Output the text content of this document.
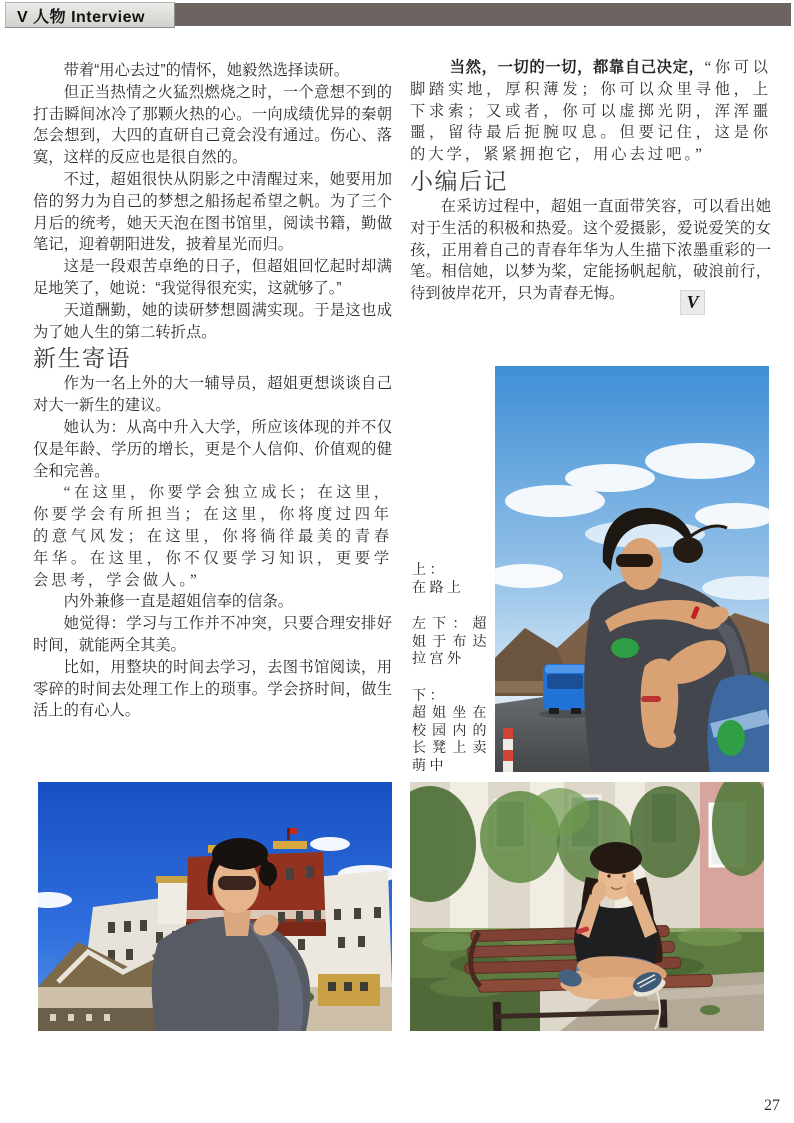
V 人物 Interview

带着“用心去过”的情怀，她毅然选择读研。

但正当热情之火猛烈燃烧之时，一个意想不到的打击瞬间冰冷了那颗火热的心。一向成绩优异的秦朝怎会想到，大四的直研自己竟会没有通过。伤心、落寞，这样的反应也是很自然的。

不过，超姐很快从阴影之中清醒过来，她要用加倍的努力为自己的梦想之船扬起希望之帆。为了三个月后的统考，她天天泡在图书馆里，阅读书籍，勤做笔记，迎着朝阳进发，披着星光而归。

这是一段艰苦卓绝的日子，但超姐回忆起时却满足地笑了，她说：“我觉得很充实，这就够了。”

天道酬勤，她的读研梦想圆满实现。于是这也成为了她人生的第二转折点。

新生寄语

作为一名上外的大一辅导员，超姐更想谈谈自己对大一新生的建议。

她认为：从高中升入大学，所应该体现的并不仅仅是年龄、学历的增长，更是个人信仰、价值观的健全和完善。

“在这里，你要学会独立成长；在这里，你要学会有所担当；在这里，你将度过四年的意气风发；在这里，你将徜徉最美的青春年华。在这里，你不仅要学习知识，更要学会思考，学会做人。”

内外兼修一直是超姐信奉的信条。

她觉得：学习与工作并不冲突，只要合理安排好时间，就能两全其美。

比如，用整块的时间去学习，去图书馆阅读，用零碎的时间去处理工作上的琐事。学会挤时间，做生活上的有心人。

当然，一切的一切，都靠自己决定，“你可以脚踏实地，厚积薄发；你可以众里寻他，上下求索；又或者，你可以虚掷光阴，浑浑噩噩，留待最后扼腕叹息。但要记住，这是你的大学，紧紧拥抱它，用心去过吧。”

小编后记

在采访过程中，超姐一直面带笑容，可以看出她对于生活的积极和热爱。这个爱摄影，爱说爱笑的女孩，正用着自己的青春年华为人生描下浓墨重彩的一笔。相信她，以梦为桨，定能扬帆起航，破浪前行，待到彼岸花开，只为青春无悔。	V

上：
在路上
左下：超姐于布达拉宫外
下：
超姐坐在校园内的长凳上卖萌中
27
